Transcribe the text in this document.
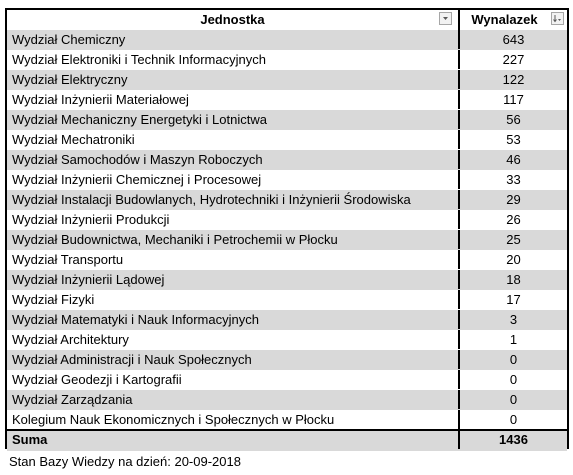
Jednostka	Wynalazek
Wydział Chemiczny	643
Wydział Elektroniki i Technik Informacyjnych	227
Wydział Elektryczny	122
Wydział Inżynierii Materiałowej	117
Wydział Mechaniczny Energetyki i Lotnictwa	56
Wydział Mechatroniki	53
Wydział Samochodów i Maszyn Roboczych	46
Wydział Inżynierii Chemicznej i Procesowej	33
Wydział Instalacji Budowlanych, Hydrotechniki i Inżynierii Środowiska	29
Wydział Inżynierii Produkcji	26
Wydział Budownictwa, Mechaniki i Petrochemii w Płocku	25
Wydział Transportu	20
Wydział Inżynierii Lądowej	18
Wydział Fizyki	17
Wydział Matematyki i Nauk Informacyjnych	3
Wydział Architektury	1
Wydział Administracji i Nauk Społecznych	0
Wydział Geodezji i Kartografii	0
Wydział Zarządzania	0
Kolegium Nauk Ekonomicznych i Społecznych w Płocku	0
Suma	1436
Stan Bazy Wiedzy na dzień: 20-09-2018
